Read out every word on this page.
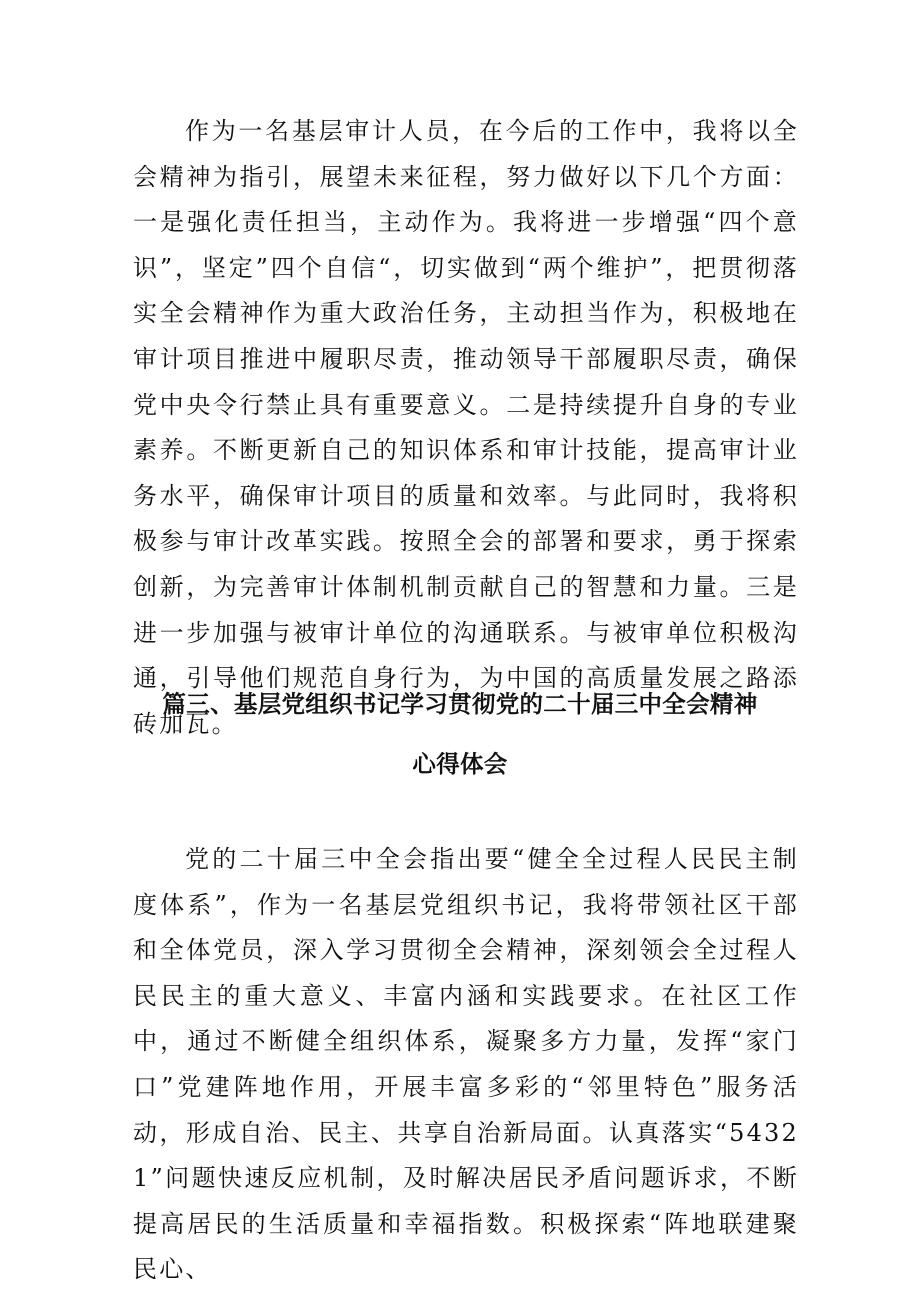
作为一名基层审计人员，在今后的工作中，我将以全会精神为指引，展望未来征程，努力做好以下几个方面：一是强化责任担当，主动作为。我将进一步增强“四个意识”，坚定”四个自信“，切实做到“两个维护”，把贯彻落实全会精神作为重大政治任务，主动担当作为，积极地在审计项目推进中履职尽责，推动领导干部履职尽责，确保党中央令行禁止具有重要意义。二是持续提升自身的专业素养。不断更新自己的知识体系和审计技能，提高审计业务水平，确保审计项目的质量和效率。与此同时，我将积极参与审计改革实践。按照全会的部署和要求，勇于探索创新，为完善审计体制机制贡献自己的智慧和力量。三是进一步加强与被审计单位的沟通联系。与被审单位积极沟通，引导他们规范自身行为，为中国的高质量发展之路添砖加瓦。

篇三、基层党组织书记学习贯彻党的二十届三中全会精神
心得体会

党的二十届三中全会指出要“健全全过程人民民主制度体系”，作为一名基层党组织书记，我将带领社区干部和全体党员，深入学习贯彻全会精神，深刻领会全过程人民民主的重大意义、丰富内涵和实践要求。在社区工作中，通过不断健全组织体系，凝聚多方力量，发挥“家门口”党建阵地作用，开展丰富多彩的“邻里特色”服务活动，形成自治、民主、共享自治新局面。认真落实“54321”问题快速反应机制，及时解决居民矛盾问题诉求，不断提高居民的生活质量和幸福指数。积极探索“阵地联建聚民心、
